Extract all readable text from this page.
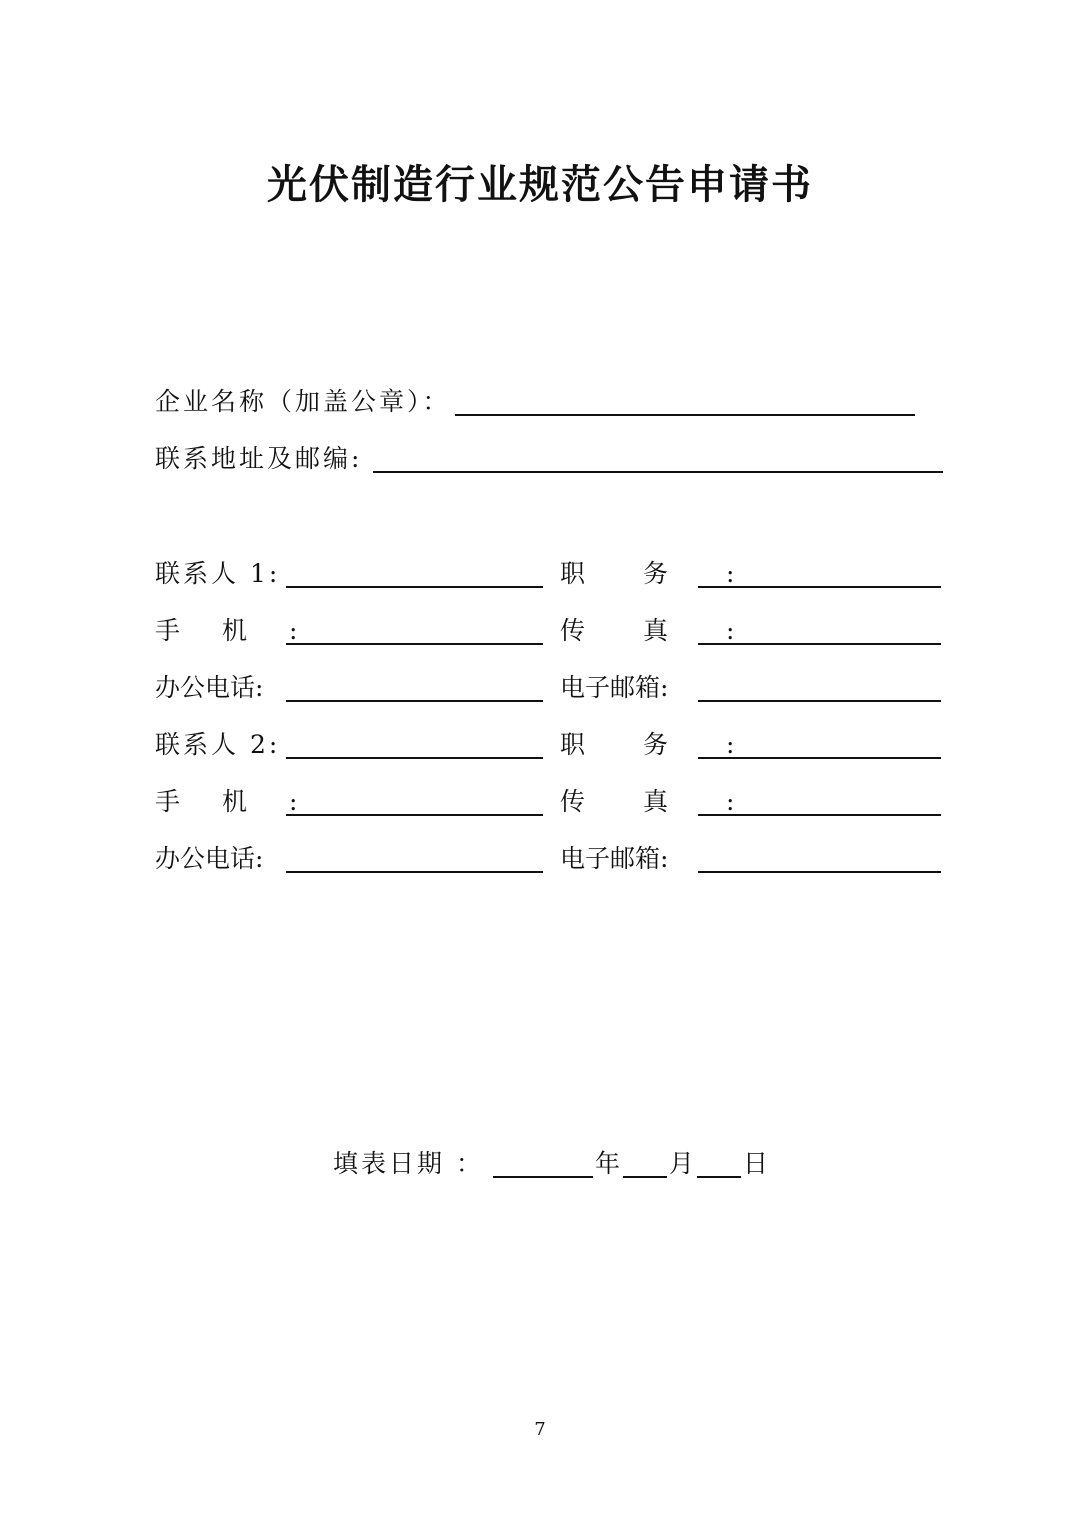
光伏制造行业规范公告申请书
企业名称（加盖公章）：
联系地址及邮编:
联系人 1:	职务:
手机:	传真:
办公电话:	电子邮箱:
联系人 2:	职务:
手机:	传真:
办公电话:	电子邮箱:
填表日期 ：	年 月 日
7
